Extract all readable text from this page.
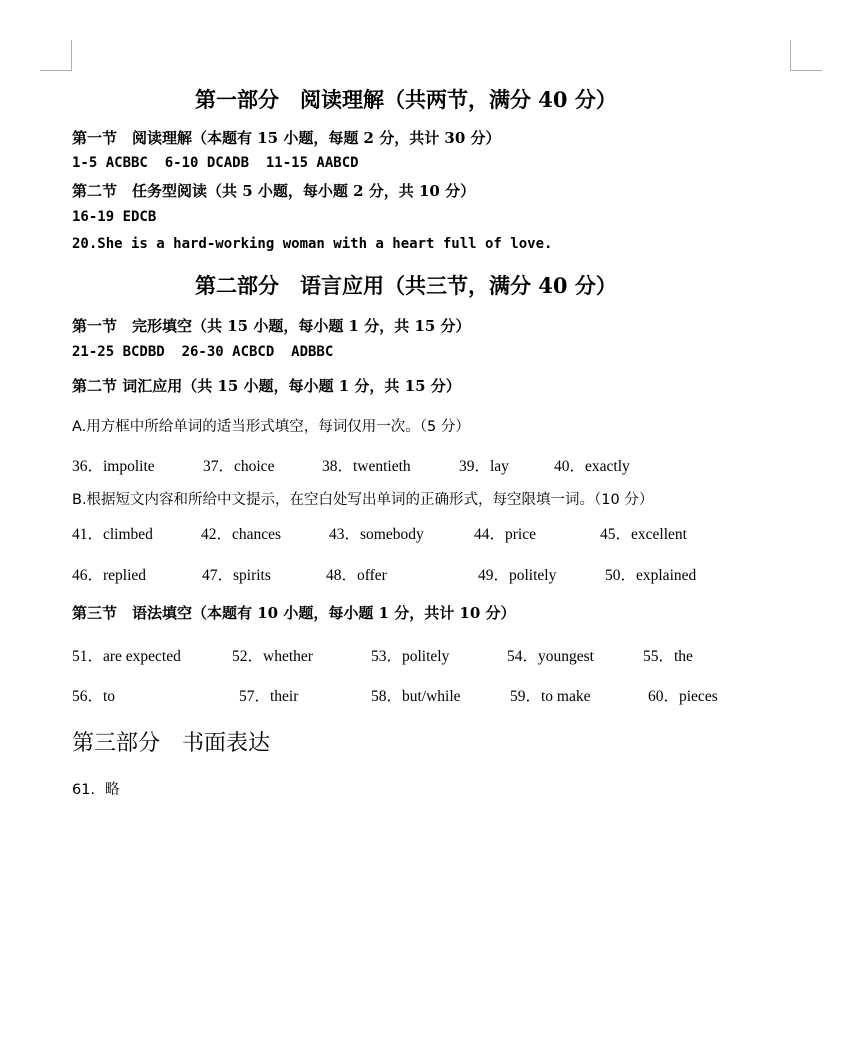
第一部分　阅读理解（共两节，满分 40 分）
第一节　阅读理解（本题有 15 小题，每题 2 分，共计 30 分）
1-5 ACBBC  6-10 DCADB  11-15 AABCD
第二节　任务型阅读（共 5 小题，每小题 2 分，共 10 分）
16-19 EDCB
20.She is a hard-working woman with a heart full of love.
第二部分　语言应用（共三节，满分 40 分）
第一节　完形填空（共 15 小题，每小题 1 分，共 15 分）
21-25 BCDBD  26-30 ACBCD  ADBBC
第二节 词汇应用（共 15 小题，每小题 1 分，共 15 分）
A.用方框中所给单词的适当形式填空，每词仅用一次。（5 分）
36．impolite	37．choice	38．twentieth	39．lay	40．exactly
B.根据短文内容和所给中文提示，在空白处写出单词的正确形式，每空限填一词。（10 分）
41．climbed	42．chances	43．somebody	44．price	45．excellent
46．replied	47．spirits	48．offer	49．politely	50．explained
第三节　语法填空（本题有 10 小题，每小题 1 分，共计 10 分）
51．are expected	52．whether	53．politely	54．youngest	55．the
56．to	57．their	58．but/while	59．to make	60．pieces
第三部分　书面表达
61．略
